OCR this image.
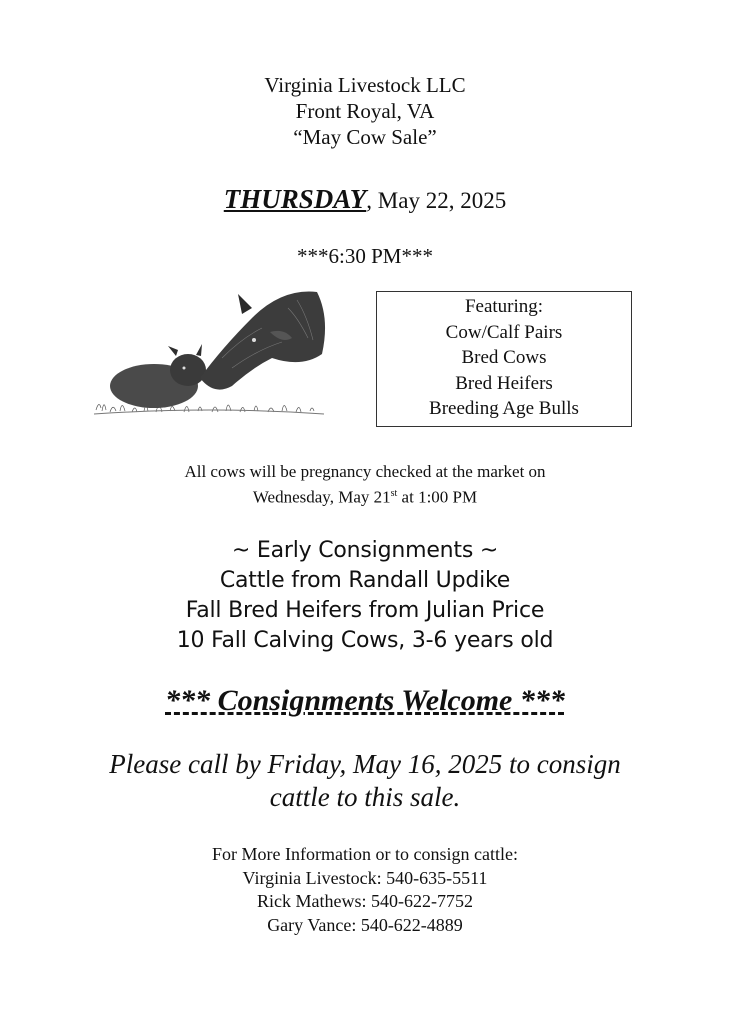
Virginia Livestock LLC
Front Royal, VA
“May Cow Sale”
THURSDAY, May 22, 2025
***6:30 PM***
Featuring:
Cow/Calf Pairs
Bred Cows
Bred Heifers
Breeding Age Bulls
All cows will be pregnancy checked at the market on
Wednesday, May 21st at 1:00 PM
~ Early Consignments ~
Cattle from Randall Updike
Fall Bred Heifers from Julian Price
10 Fall Calving Cows, 3-6 years old
*** Consignments Welcome ***
Please call by Friday, May 16, 2025 to consign
cattle to this sale.
For More Information or to consign cattle:
Virginia Livestock: 540-635-5511
Rick Mathews: 540-622-7752
Gary Vance: 540-622-4889
